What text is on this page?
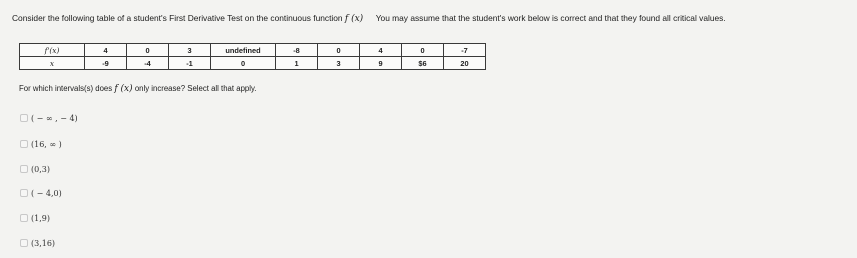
Consider the following table of a student's First Derivative Test on the continuous function f (x) You may assume that the student's work below is correct and that they found all critical values.
f'(x)	4	0	3	undefined	-8	0	4	0	-7
x	-9	-4	-1	0	1	3	9	$6	20
For which intervals(s) does f (x) only increase? Select all that apply.
( − ∞ , − 4)
(16, ∞ )
(0,3)
( − 4,0)
(1,9)
(3,16)
